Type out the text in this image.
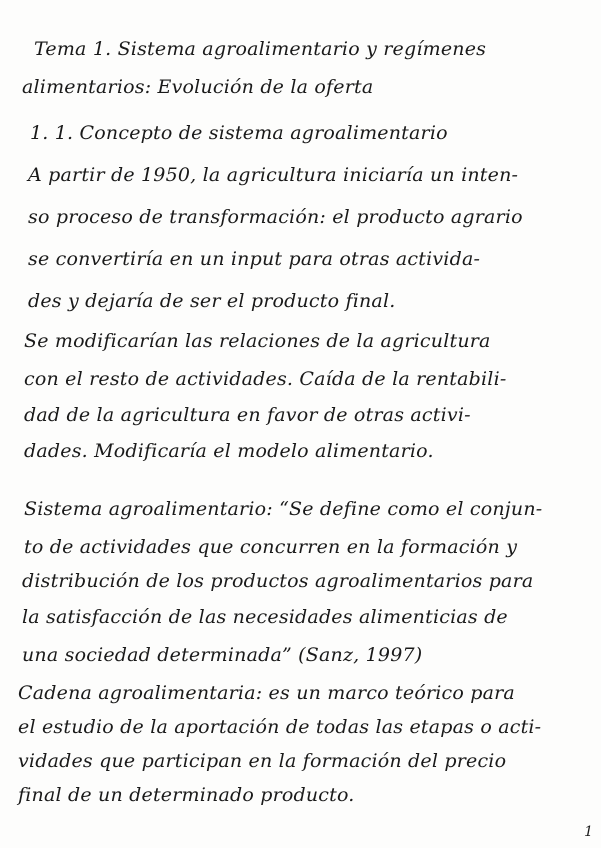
Tema 1. Sistema agroalimentario y regímenes
alimentarios: Evolución de la oferta
1. 1. Concepto de sistema agroalimentario
A partir de 1950, la agricultura iniciaría un inten-
so proceso de transformación: el producto agrario
se convertiría en un input para otras activida-
des y dejaría de ser el producto final.
Se modificarían las relaciones de la agricultura
con el resto de actividades. Caída de la rentabili-
dad de la agricultura en favor de otras activi-
dades. Modificaría el modelo alimentario.
Sistema agroalimentario: “Se define como el conjun-
to de actividades que concurren en la formación y
distribución de los productos agroalimentarios para
la satisfacción de las necesidades alimenticias de
una sociedad determinada” (Sanz, 1997)
Cadena agroalimentaria: es un marco teórico para
el estudio de la aportación de todas las etapas o acti-
vidades que participan en la formación del precio
final de un determinado producto.
1
